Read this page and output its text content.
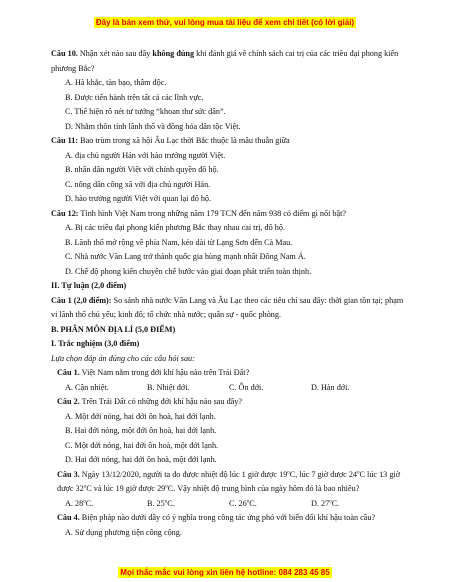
Đây là bản xem thử, vui lòng mua tài liệu để xem chi tiết (có lời giải)

Câu 10. Nhận xét nào sau đây không đúng khi đánh giá về chính sách cai trị của các triều đại phong kiến phương Bắc?

A. Hà khắc, tàn bạo, thâm độc.

B. Được tiến hành trên tất cả các lĩnh vực.

C. Thể hiện rõ nét tư tưởng “khoan thư sức dân”.

D. Nhằm thôn tính lãnh thổ và đồng hóa dân tộc Việt.

Câu 11: Bao trùm trong xã hội Âu Lạc thời Bắc thuộc là mâu thuẫn giữa

A. địa chủ người Hán với hào trưởng người Việt.

B. nhân dân người Việt với chính quyền đô hộ.

C. nông dân công xã với địa chủ người Hán.

D. hào trưởng người Việt với quan lại đô hộ.

Câu 12: Tình hình Việt Nam trong những năm 179 TCN đến năm 938 có điểm gì nổi bật?

A. Bị các triều đại phong kiến phương Bắc thay nhau cai trị, đô hộ.

B. Lãnh thổ mở rộng về phía Nam, kéo dài từ Lạng Sơn đến Cà Mau.

C. Nhà nước Văn Lang trở thành quốc gia hùng mạnh nhất Đông Nam Á.

D. Chế độ phong kiến chuyên chế bước vào giai đoạn phát triển toàn thịnh.

II. Tự luận (2,0 điểm)

Câu 1 (2,0 điểm): So sánh nhà nước Văn Lang và Âu Lạc theo các tiêu chí sau đây: thời gian tồn tại; phạm vi lãnh thổ chủ yếu; kinh đô; tổ chức nhà nước; quân sự - quốc phòng.

B. PHÂN MÔN ĐỊA LÍ (5,0 ĐIỂM)

I. Trắc nghiệm (3,0 điểm)

Lựa chọn đáp án đúng cho các câu hỏi sau:

Câu 1. Việt Nam nằm trong đới khí hậu nào trên Trái Đất?

A. Cận nhiệt.	B. Nhiệt đới.	C. Ôn đới.	D. Hàn đới.

Câu 2. Trên Trái Đất có những đới khí hậu nào sau đây?

A. Một đới nóng, hai đới ôn hoà, hai đới lạnh.

B. Hai đới nóng, một đới ôn hoà, hai đới lạnh.

C. Một đới nóng, hai đới ôn hoà, một đới lạnh.

D. Hai đới nóng, hai đới ôn hoà, một đới lạnh.

Câu 3. Ngày 13/12/2020, người ta đo được nhiệt độ lúc 1 giờ được 19$^o$C, lúc 7 giờ được 24$^o$C lúc 13 giờ được 32$^o$C và lúc 19 giờ được 29$^o$C. Vậy nhiệt độ trung bình của ngày hôm đó là bao nhiêu?

A. 28$^o$C.	B. 25$^o$C.	C. 26$^o$C.	D. 27$^o$C.

Câu 4. Biện pháp nào dưới đây có ý nghĩa trong công tác ứng phó với biến đổi khí hậu toàn cầu?

A. Sử dụng phương tiện công cộng.

Mọi thắc mắc vui lòng xin liên hệ hotline: 084 283 45 85
